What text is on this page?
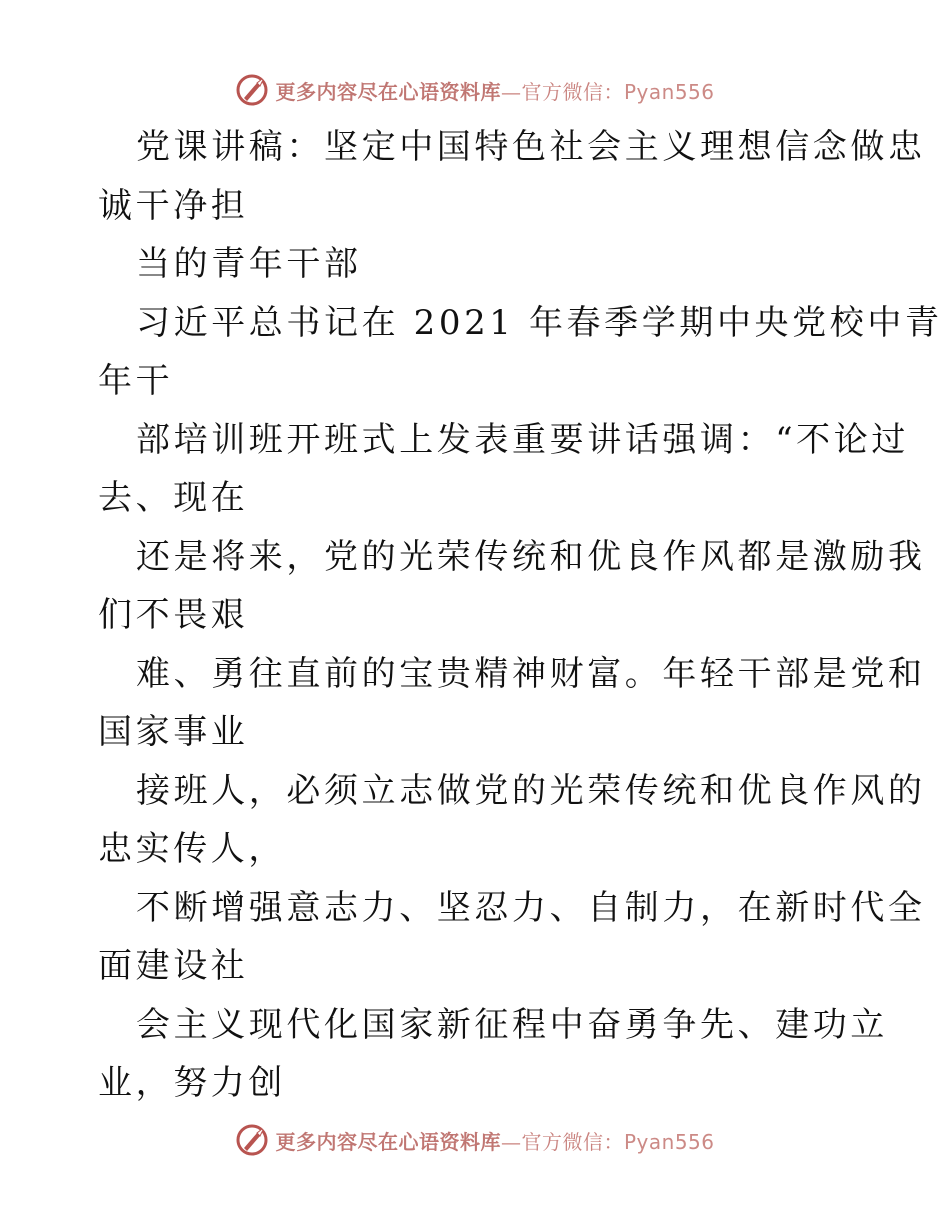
更多内容尽在心语资料库—官方微信：Pyan556
党课讲稿：坚定中国特色社会主义理想信念做忠
诚干净担
当的青年干部
习近平总书记在 2021 年春季学期中央党校中青
年干
部培训班开班式上发表重要讲话强调：“不论过
去、现在
还是将来，党的光荣传统和优良作风都是激励我
们不畏艰
难、勇往直前的宝贵精神财富。年轻干部是党和
国家事业
接班人，必须立志做党的光荣传统和优良作风的
忠实传人，
不断增强意志力、坚忍力、自制力，在新时代全
面建设社
会主义现代化国家新征程中奋勇争先、建功立
业，努力创
更多内容尽在心语资料库—官方微信：Pyan556
